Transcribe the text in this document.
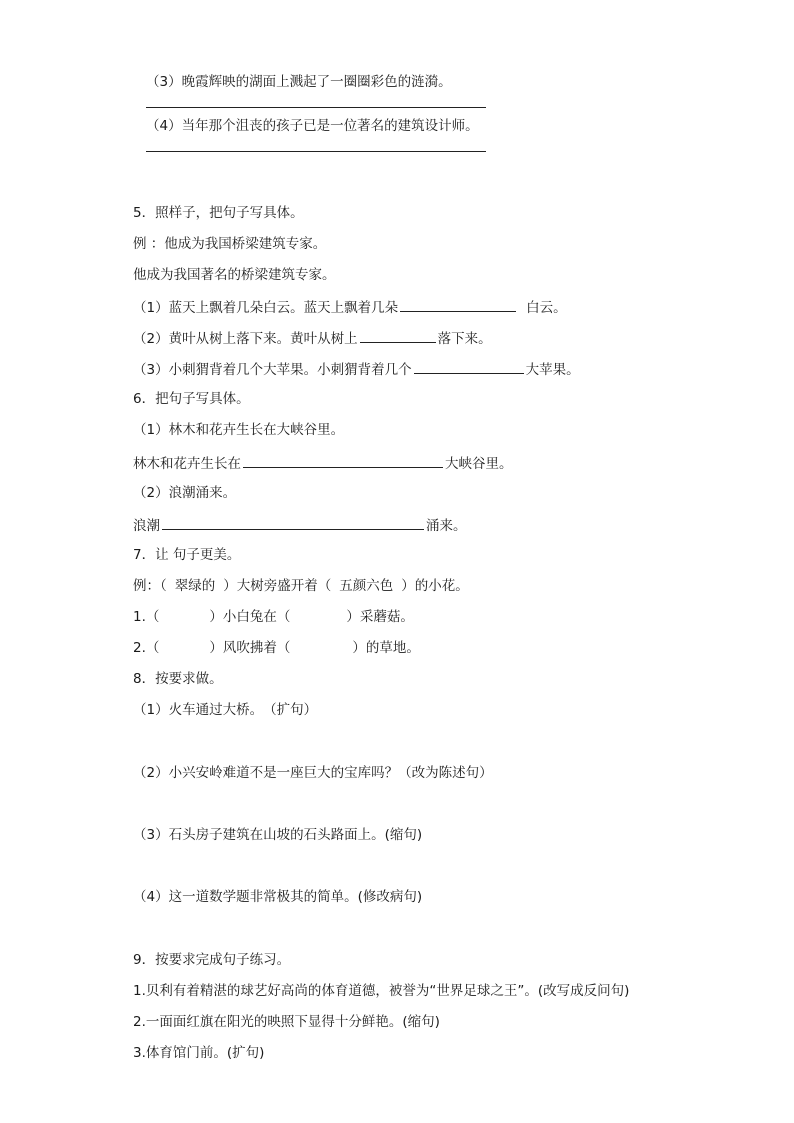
（3）晚霞辉映的湖面上溅起了一圈圈彩色的涟漪。
（4）当年那个沮丧的孩子已是一位著名的建筑设计师。
5．照样子，把句子写具体。
例 ：他成为我国桥梁建筑专家。
他成为我国著名的桥梁建筑专家。
（1）蓝天上飘着几朵白云。蓝天上飘着几朵	白云。
（2）黄叶从树上落下来。黄叶从树上	落下来。
（3）小刺猬背着几个大苹果。小刺猬背着几个	大苹果。
6．把句子写具体。
（1）林木和花卉生长在大峡谷里。
林木和花卉生长在	大峡谷里。
（2）浪潮涌来。
浪潮	涌来。
7．让 句子更美。
例：（ 翠绿的 ）大树旁盛开着（ 五颜六色 ）的小花。
1.（	）小白兔在（	）采蘑菇。
2.（	）风吹拂着（	）的草地。
8．按要求做。
（1）火车通过大桥。　（扩句）
（2）小兴安岭难道不是一座巨大的宝库吗？（改为陈述句）
（3）石头房子建筑在山坡的石头路面上。(缩句)
（4）这一道数学题非常极其的简单。(修改病句)
9．按要求完成句子练习。
1.贝利有着精湛的球艺好高尚的体育道德，被誉为“世界足球之王”。(改写成反问句)
2.一面面红旗在阳光的映照下显得十分鲜艳。(缩句)
3.体育馆门前。(扩句)
